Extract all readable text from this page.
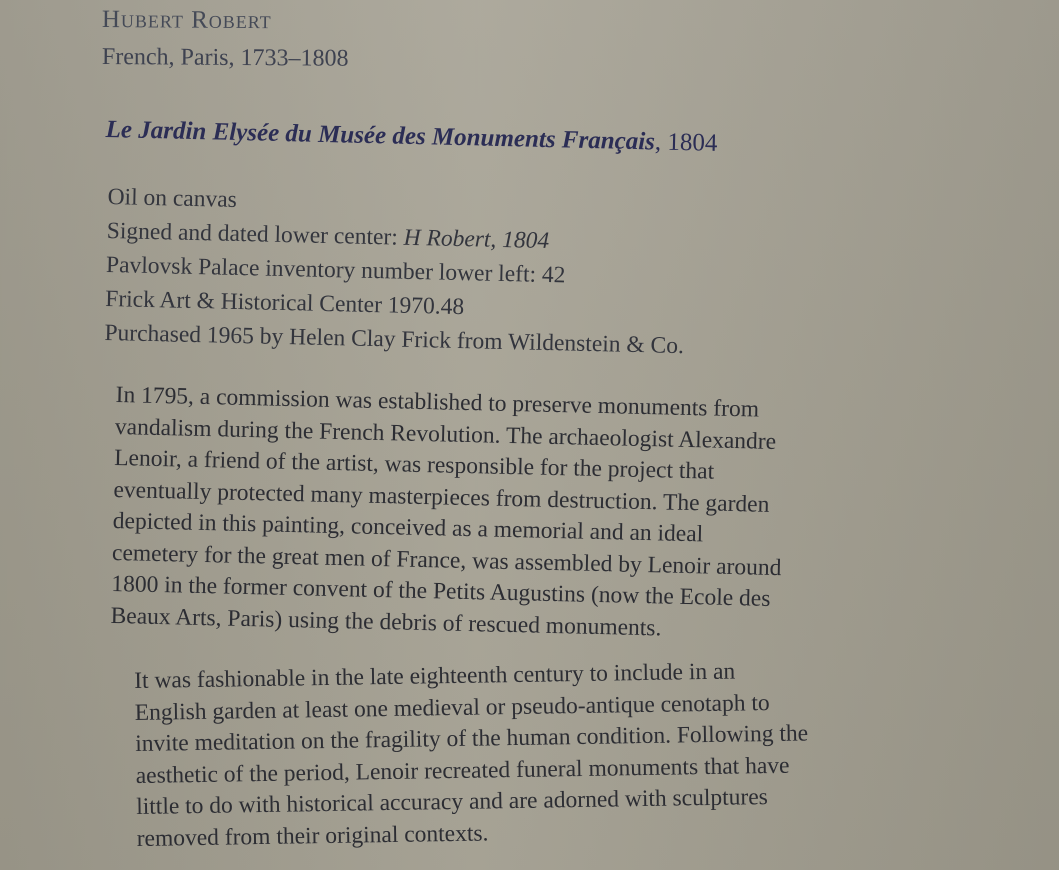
Hubert Robert
French, Paris, 1733–1808
Le Jardin Elysée du Musée des Monuments Français, 1804
Oil on canvas
Signed and dated lower center: H Robert, 1804
Pavlovsk Palace inventory number lower left: 42
Frick Art & Historical Center 1970.48
Purchased 1965 by Helen Clay Frick from Wildenstein & Co.
In 1795, a commission was established to preserve monuments from
vandalism during the French Revolution. The archaeologist Alexandre
Lenoir, a friend of the artist, was responsible for the project that
eventually protected many masterpieces from destruction. The garden
depicted in this painting, conceived as a memorial and an ideal
cemetery for the great men of France, was assembled by Lenoir around
1800 in the former convent of the Petits Augustins (now the Ecole des
Beaux Arts, Paris) using the debris of rescued monuments.
It was fashionable in the late eighteenth century to include in an
English garden at least one medieval or pseudo-antique cenotaph to
invite meditation on the fragility of the human condition. Following the
aesthetic of the period, Lenoir recreated funeral monuments that have
little to do with historical accuracy and are adorned with sculptures
removed from their original contexts.
